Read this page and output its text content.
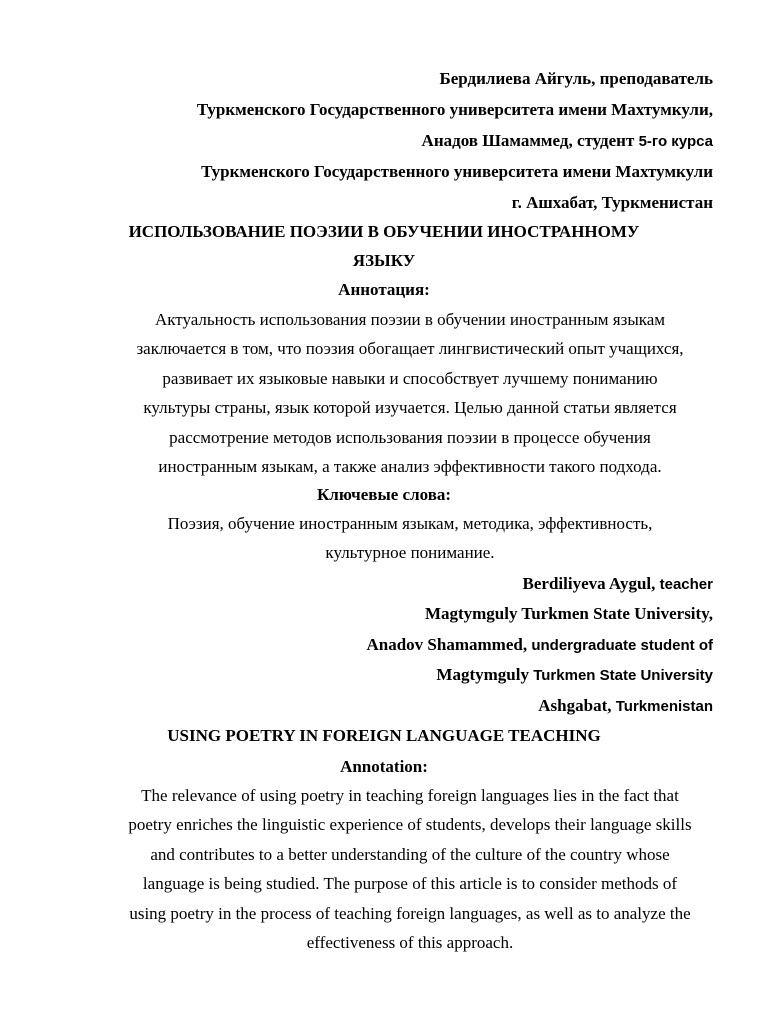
Бердилиева Айгуль, преподаватель
Туркменского Государственного университета имени Махтумкули,
Анадов Шамаммед, студент 5-го курса
Туркменского Государственного университета имени Махтумкули
г. Ашхабат, Туркменистан
ИСПОЛЬЗОВАНИЕ ПОЭЗИИ В ОБУЧЕНИИ ИНОСТРАННОМУ
ЯЗЫКУ
Аннотация:
Актуальность использования поэзии в обучении иностранным языкам
заключается в том, что поэзия обогащает лингвистический опыт учащихся,
развивает их языковые навыки и способствует лучшему пониманию
культуры страны, язык которой изучается. Целью данной статьи является
рассмотрение методов использования поэзии в процессе обучения
иностранным языкам, а также анализ эффективности такого подхода.
Ключевые слова:
Поэзия, обучение иностранным языкам, методика, эффективность,
культурное понимание.
Berdiliyeva Aygul, teacher
Magtymguly Turkmen State University,
Anadov Shamammed, undergraduate student of
Magtymguly Turkmen State University
Ashgabat, Turkmenistan
USING POETRY IN FOREIGN LANGUAGE TEACHING
Annotation:
The relevance of using poetry in teaching foreign languages lies in the fact that
poetry enriches the linguistic experience of students, develops their language skills
and contributes to a better understanding of the culture of the country whose
language is being studied. The purpose of this article is to consider methods of
using poetry in the process of teaching foreign languages, as well as to analyze the
effectiveness of this approach.
